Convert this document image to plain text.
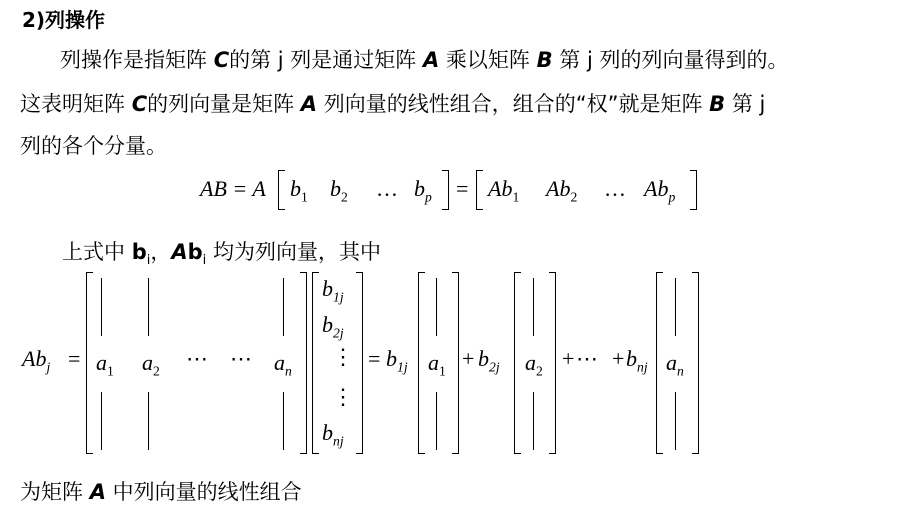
2)列操作
列操作是指矩阵 C的第 j 列是通过矩阵 A 乘以矩阵 B 第 j 列的列向量得到的。
这表明矩阵 C的列向量是矩阵 A 列向量的线性组合，组合的“权”就是矩阵 B 第 j
列的各个分量。
AB = A $b_1$ $b_2$ … $b_p = Ab_1$ $Ab_2$ … $Ab_p$
上式中 $b_i$，$Ab_i$ 均为列向量，其中
$Ab_j = a_1$ $a_2$ ⋯ ⋯ $a_n$
$b_{1j}$
$b_{2j}$
⋮
⋮
$b_{nj}$
= $b_{1j}$ $a_1 + b_{2j}$ $a_2$ + ⋯ + $b_{nj}$ $a_n$
为矩阵 A 中列向量的线性组合
